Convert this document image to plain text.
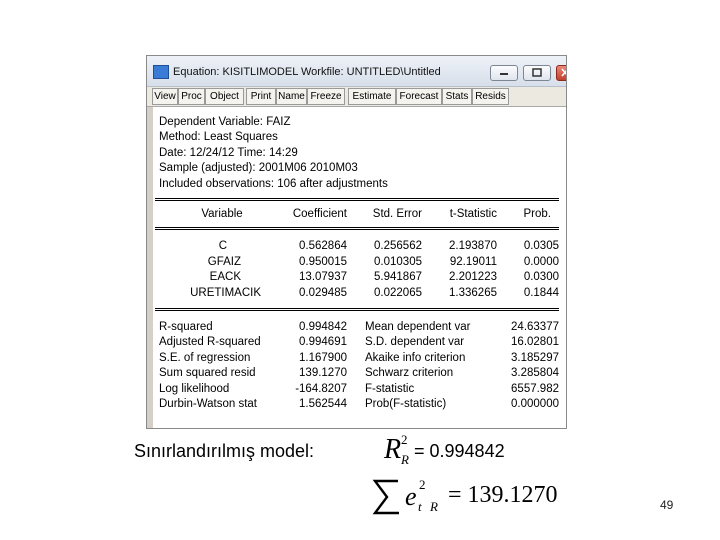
Equation: KISITLIMODEL Workfile: UNTITLED\Untitled
View Proc Object	Print Name Freeze	Estimate Forecast Stats Resids
Dependent Variable: FAIZ
Method: Least Squares
Date: 12/24/12 Time: 14:29
Sample (adjusted): 2001M06 2010M03
Included observations: 106 after adjustments
Variable	Coefficient	Std. Error	t-Statistic	Prob.
C	0.562864	0.256562	2.193870	0.0305
GFAIZ	0.950015	0.010305	92.19011	0.0000
EACK	13.07937	5.941867	2.201223	0.0300
URETIMACIK	0.029485	0.022065	1.336265	0.1844
R-squared	0.994842 Mean dependent var	24.63377
Adjusted R-squared	0.994691 S.D. dependent var	16.02801
S.E. of regression	1.167900 Akaike info criterion	3.185297
Sum squared resid	139.1270 Schwarz criterion	3.285804
Log likelihood	-164.8207 F-statistic	6557.982
Durbin-Watson stat	1.562544 Prob(F-statistic)	0.000000
Sınırlandırılmış model: R 2
R = 0.994842
e 2
t R = 139.1270	49
